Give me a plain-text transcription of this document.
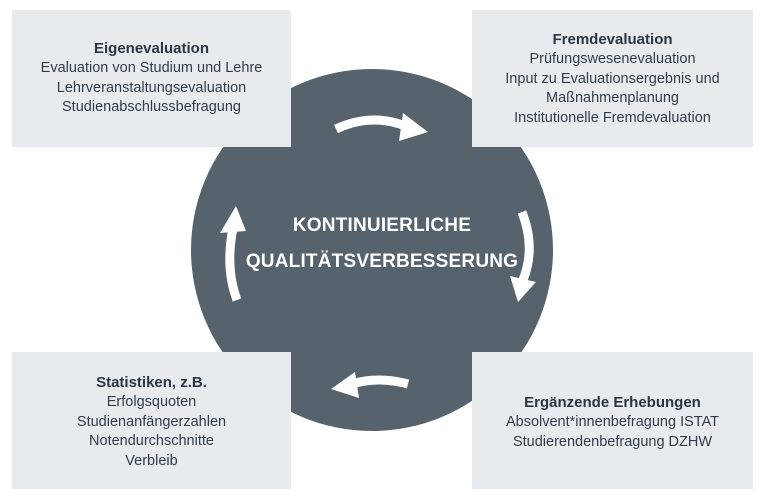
Eigenevaluation
Evaluation von Studium und Lehre
Lehrveranstaltungsevaluation
Studienabschlussbefragung
Fremdevaluation
Prüfungswesenevaluation
Input zu Evaluationsergebnis und
Maßnahmenplanung
Institutionelle Fremdevaluation
Statistiken, z.B.
Erfolgsquoten
Studienanfängerzahlen
Notendurchschnitte
Verbleib
Ergänzende Erhebungen
Absolvent*innenbefragung ISTAT
Studierendenbefragung DZHW
KONTINUIERLICHE
QUALITÄTSVERBESSERUNG
